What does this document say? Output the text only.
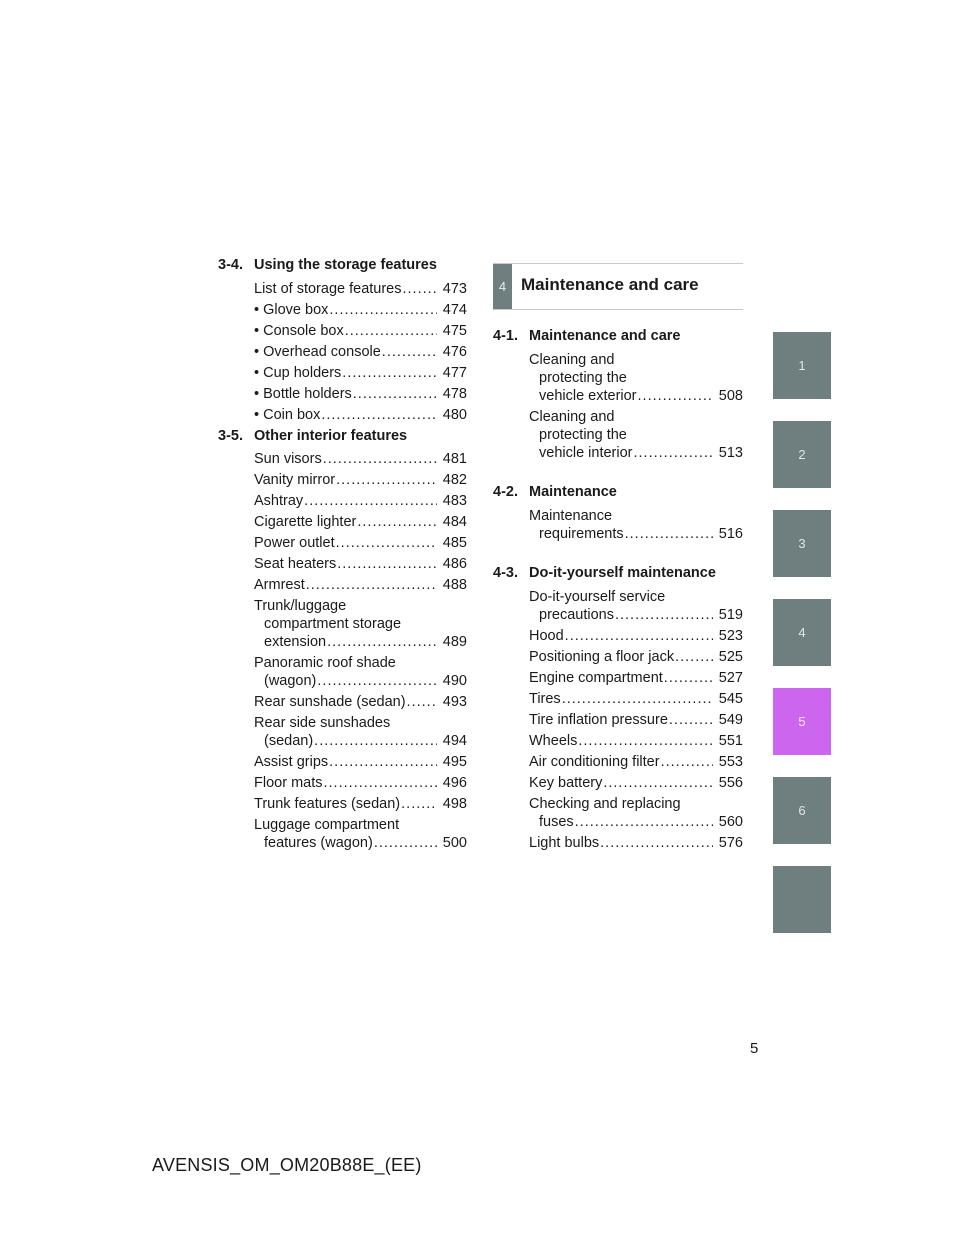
3-4. Using the storage features
List of storage features .....	473
• Glove box .....	474
• Console box .....	475
• Overhead console .....	476
• Cup holders .....	477
• Bottle holders .....	478
• Coin box .....	480
3-5. Other interior features
Sun visors .....	481
Vanity mirror .....	482
Ashtray .....	483
Cigarette lighter .....	484
Power outlet .....	485
Seat heaters .....	486
Armrest .....	488
Trunk/luggage
compartment storage
extension .....	489
Panoramic roof shade
(wagon) .....	490
Rear sunshade (sedan) .....	493
Rear side sunshades
(sedan) .....	494
Assist grips .....	495
Floor mats .....	496
Trunk features (sedan) .....	498
Luggage compartment
features (wagon) .....	500
4 Maintenance and care
4-1. Maintenance and care
Cleaning and
protecting the
vehicle exterior .....	508
Cleaning and
protecting the
vehicle interior .....	513
4-2. Maintenance
Maintenance
requirements .....	516
4-3. Do-it-yourself maintenance
Do-it-yourself service
precautions .....	519
Hood .....	523
Positioning a floor jack .....	525
Engine compartment .....	527
Tires .....	545
Tire inflation pressure .....	549
Wheels .....	551
Air conditioning filter .....	553
Key battery .....	556
Checking and replacing
fuses .....	560
Light bulbs .....	576
1
2
3
4
5
6
5
AVENSIS_OM_OM20B88E_(EE)
